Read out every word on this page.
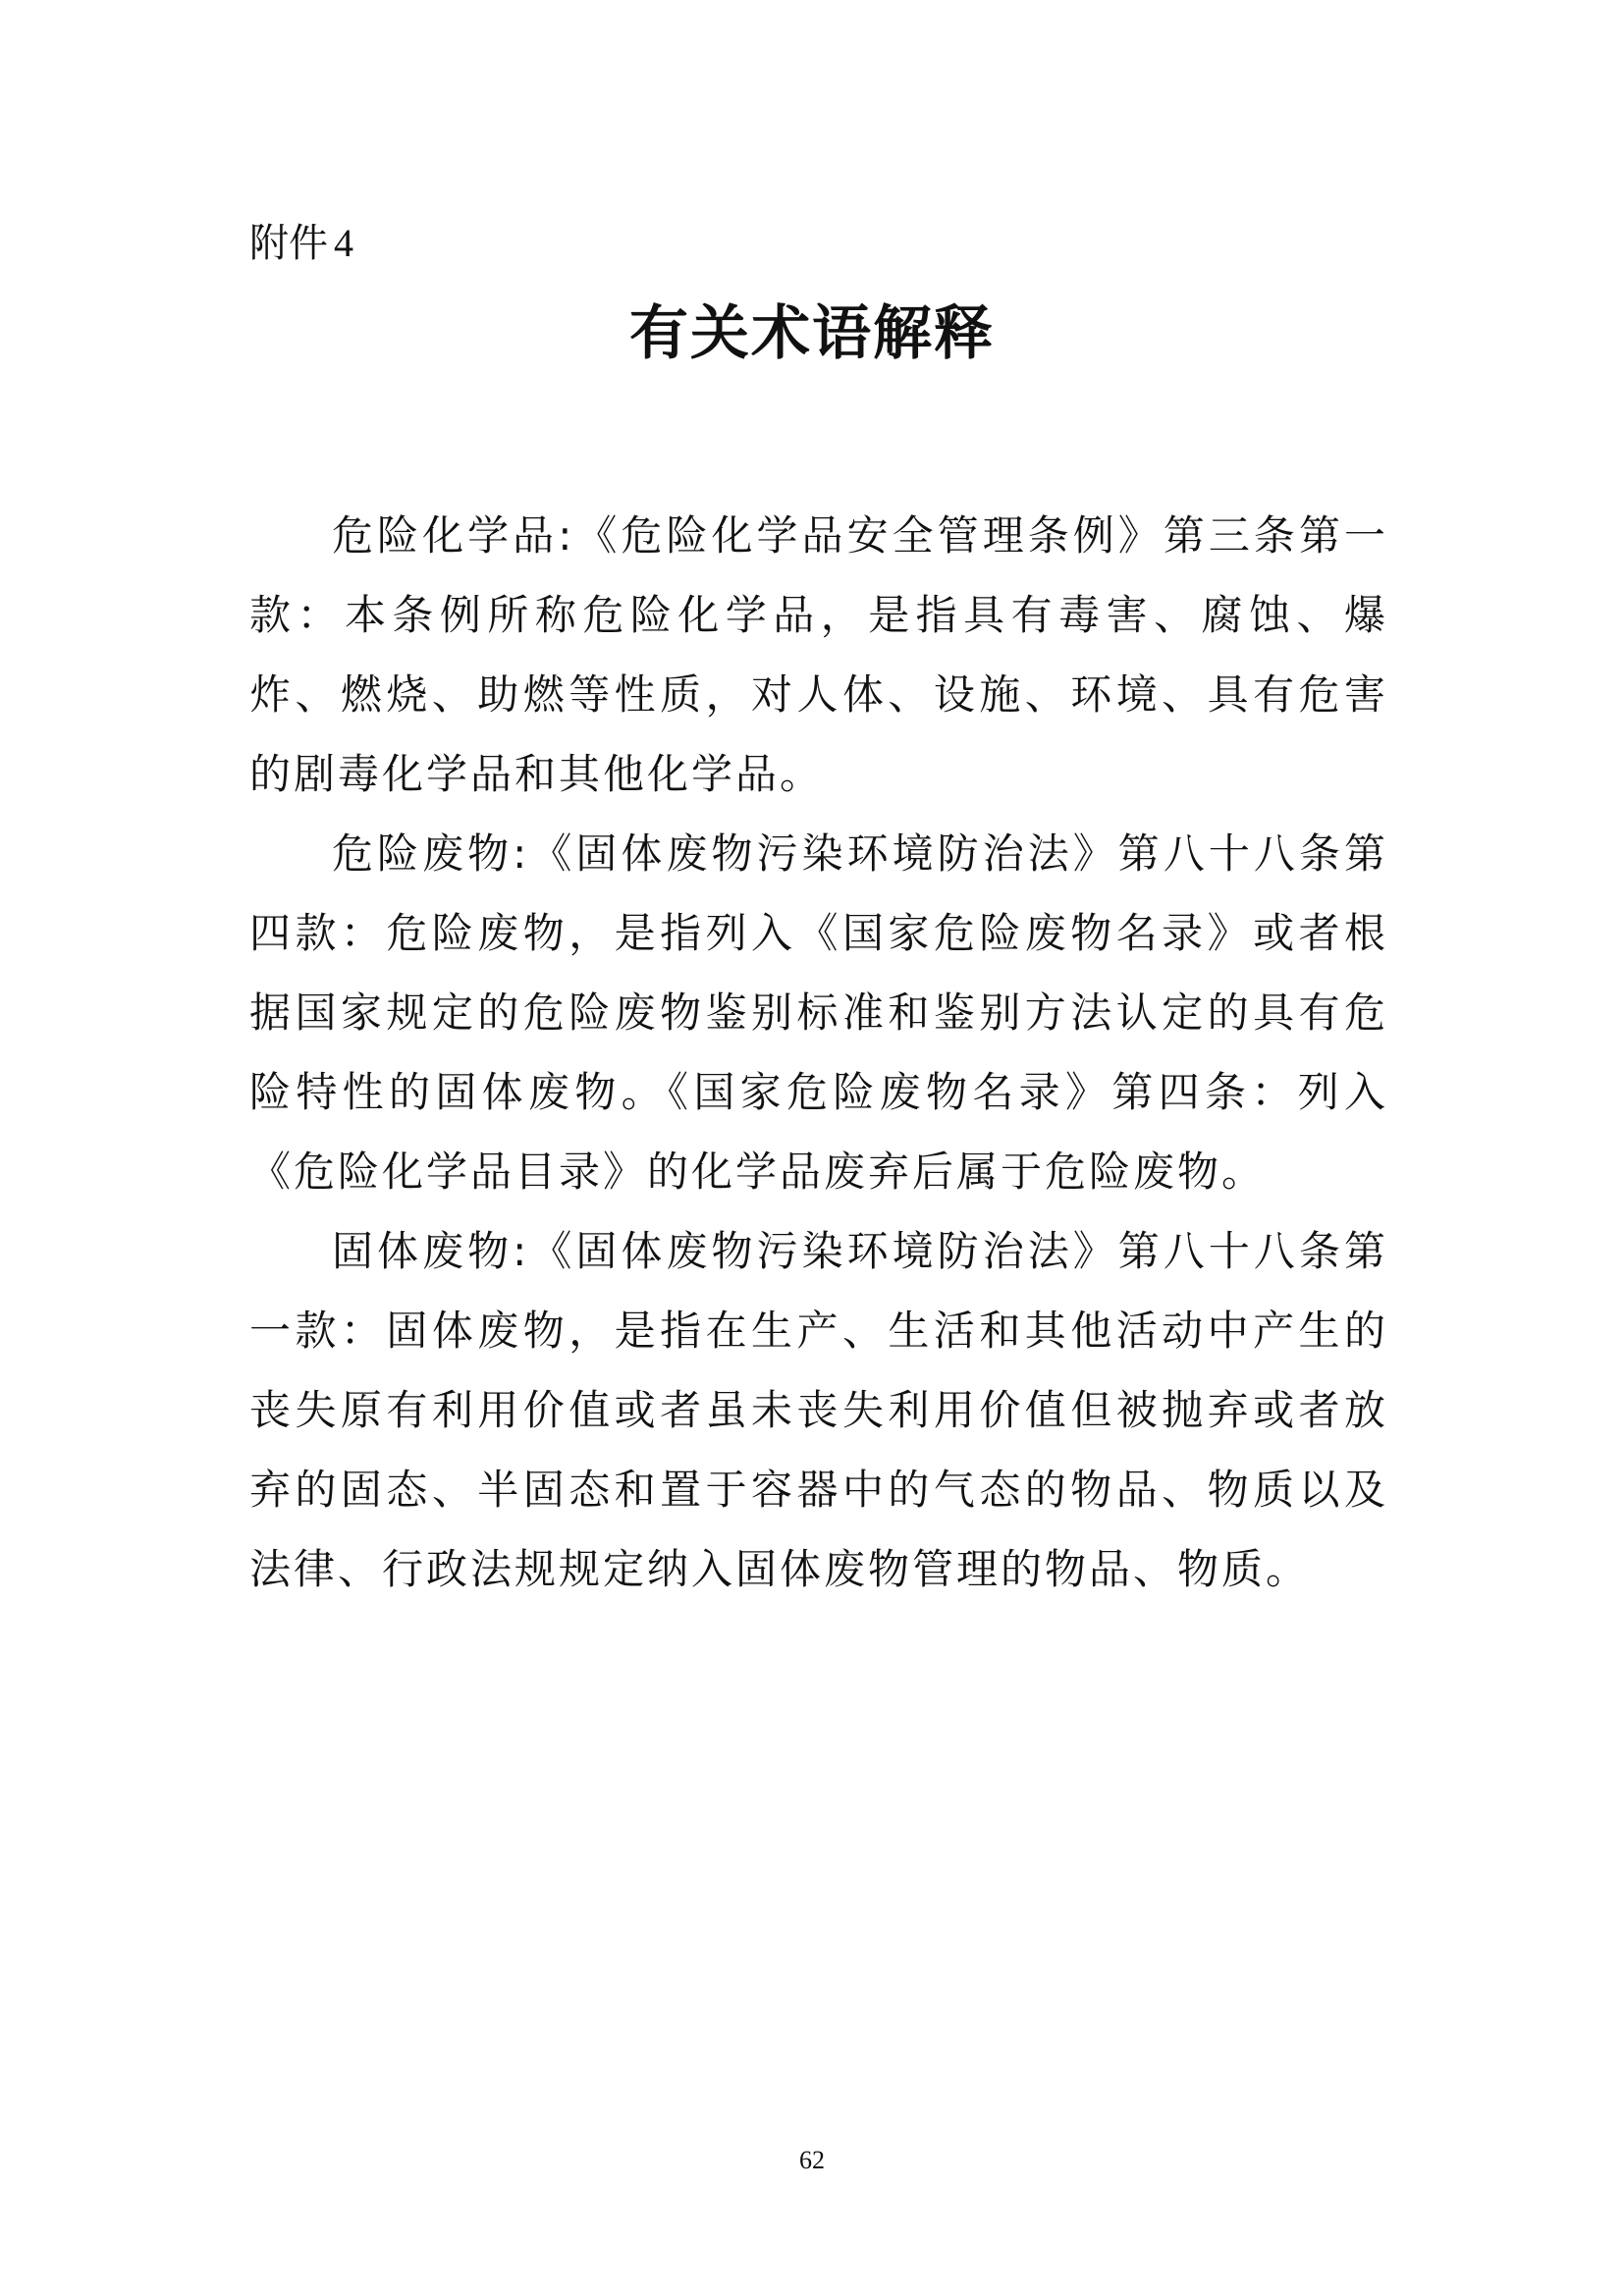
附件 4
有关术语解释

危险化学品:《危险化学品安全管理条例》第三条第一款：本条例所称危险化学品，是指具有毒害、腐蚀、爆炸、燃烧、助燃等性质，对人体、设施、环境、具有危害的剧毒化学品和其他化学品。

危险废物:《固体废物污染环境防治法》第八十八条第四款：危险废物，是指列入《国家危险废物名录》或者根据国家规定的危险废物鉴别标准和鉴别方法认定的具有危险特性的固体废物。《国家危险废物名录》第四条：列入《危险化学品目录》的化学品废弃后属于危险废物。

固体废物:《固体废物污染环境防治法》第八十八条第一款：固体废物，是指在生产、生活和其他活动中产生的丧失原有利用价值或者虽未丧失利用价值但被抛弃或者放弃的固态、半固态和置于容器中的气态的物品、物质以及法律、行政法规规定纳入固体废物管理的物品、物质。

62
